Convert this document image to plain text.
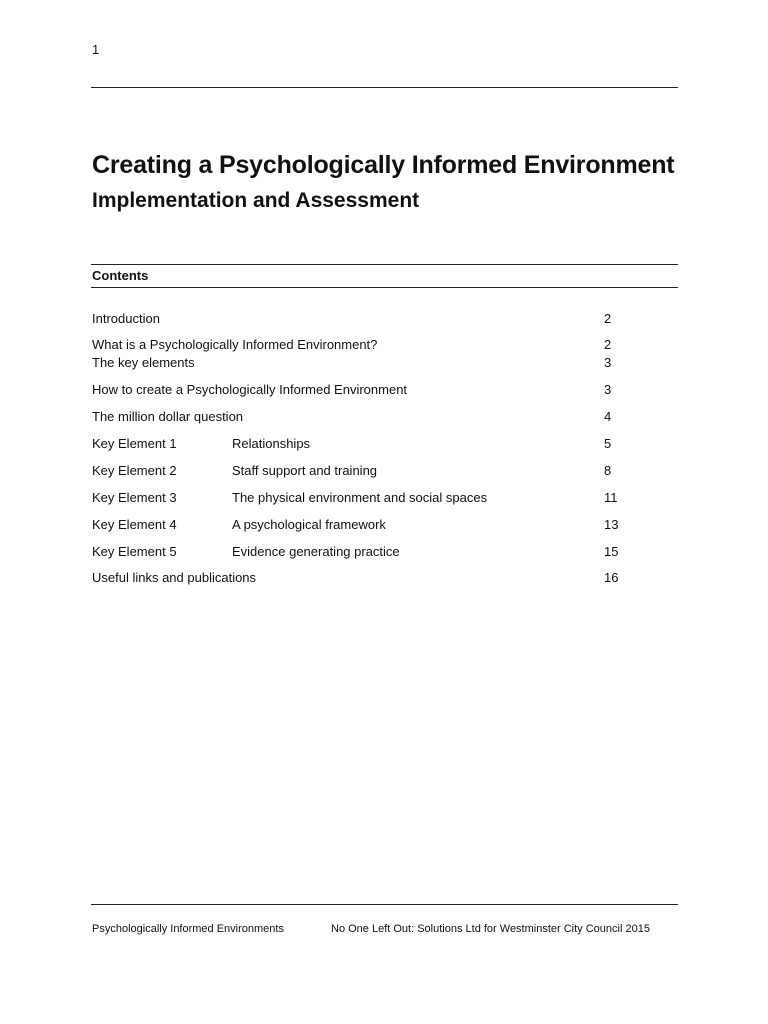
1
Creating a Psychologically Informed Environment
Implementation and Assessment
Contents
Introduction	2
What is a Psychologically Informed Environment?	2
The key elements	3
How to create a Psychologically Informed Environment	3
The million dollar question	4
Key Element 1	Relationships	5
Key Element 2	Staff support and training	8
Key Element 3	The physical environment and social spaces	11
Key Element 4	A psychological framework	13
Key Element 5	Evidence generating practice	15
Useful links and publications	16
Psychologically Informed Environments	No One Left Out: Solutions Ltd for Westminster City Council 2015
